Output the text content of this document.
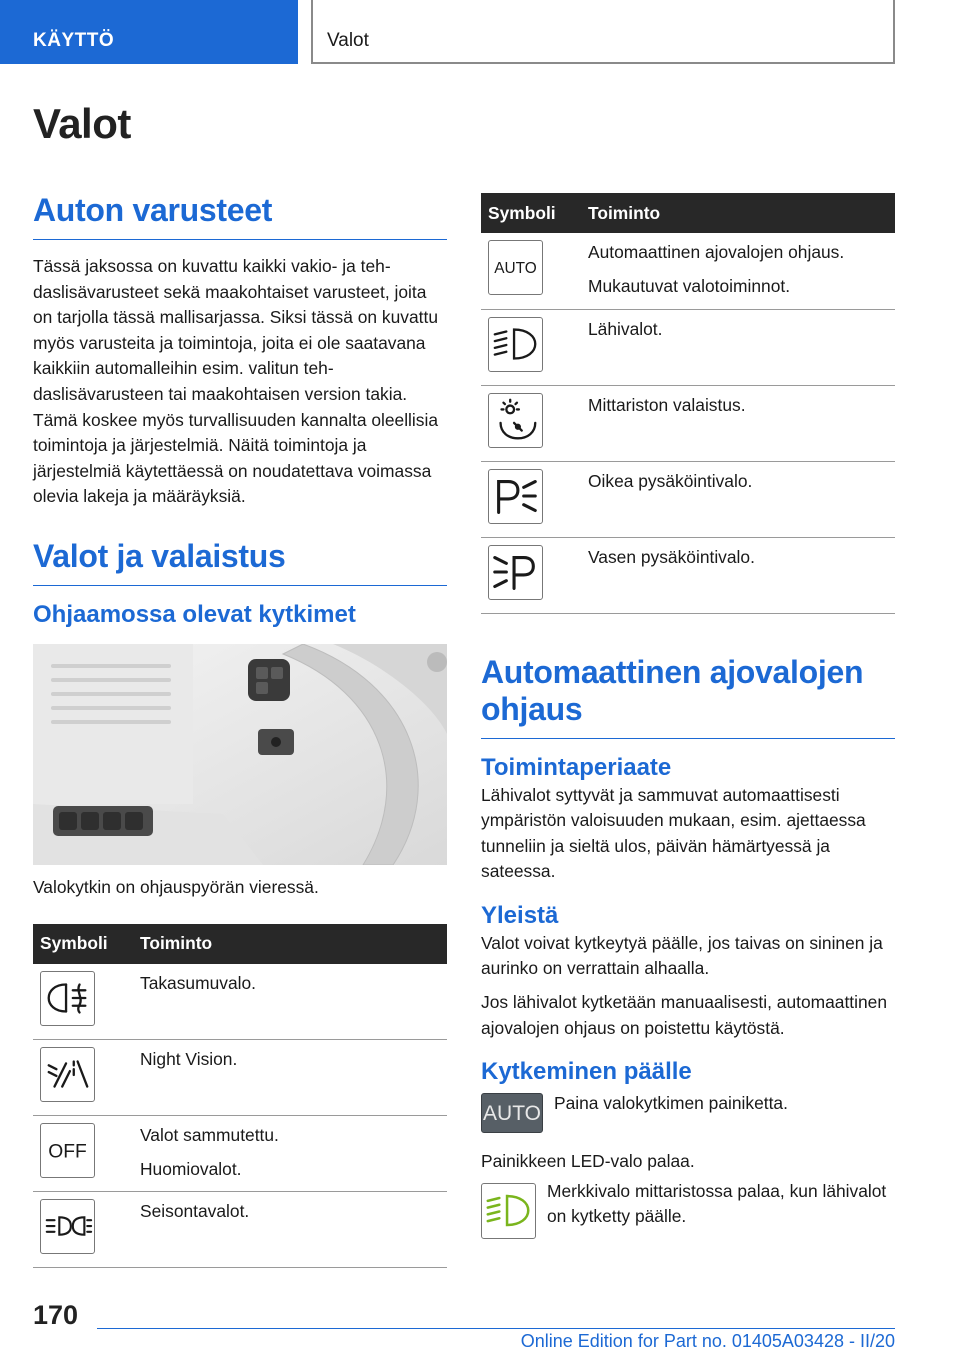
KÄYTTÖ	Valot
Valot
Auton varusteet

Tässä jaksossa on kuvattu kaikki vakio- ja tehdaslisävarusteet sekä maakohtaiset varusteet, joita on tarjolla tässä mallisarjassa. Siksi tässä on kuvattu myös varusteita ja toimintoja, joita ei ole saatavana kaikkiin automalleihin esim. valitun tehdaslisävarusteen tai maakohtaisen version takia. Tämä koskee myös turvallisuuden kannalta oleellisia toimintoja ja järjestelmiä. Näitä toimintoja ja järjestelmiä käytettäessä on noudatettava voimassa olevia lakeja ja määräyksiä.

Valot ja valaistus
Ohjaamossa olevat kytkimet

Valokytkin on ohjauspyörän vieressä.

Symboli	Toiminto

Takasumuvalo.

Night Vision.

OFF	Valot sammutettu.
Huomiovalot.

Seisontavalot.
Symboli	Toiminto

AUTO	Automaattinen ajovalojen ohjaus.
Mukautuvat valotoiminnot.

Lähivalot.

Mittariston valaistus.

Oikea pysäköintivalo.

Vasen pysäköintivalo.
Automaattinen ajovalojen ohjaus
Toimintaperiaate

Lähivalot syttyvät ja sammuvat automaattisesti ympäristön valoisuuden mukaan, esim. ajettaessa tunneliin ja sieltä ulos, päivän hämärtyessä ja sateessa.

Yleistä

Valot voivat kytkeytyä päälle, jos taivas on sininen ja aurinko on verrattain alhaalla.

Jos lähivalot kytketään manuaalisesti, automaattinen ajovalojen ohjaus on poistettu käytöstä.

Kytkeminen päälle
AUTO Paina valokytkimen painiketta.

Painikkeen LED-valo palaa.

Merkkivalo mittaristossa palaa, kun lähivalot on kytketty päälle.

170
Online Edition for Part no. 01405A03428 - II/20
